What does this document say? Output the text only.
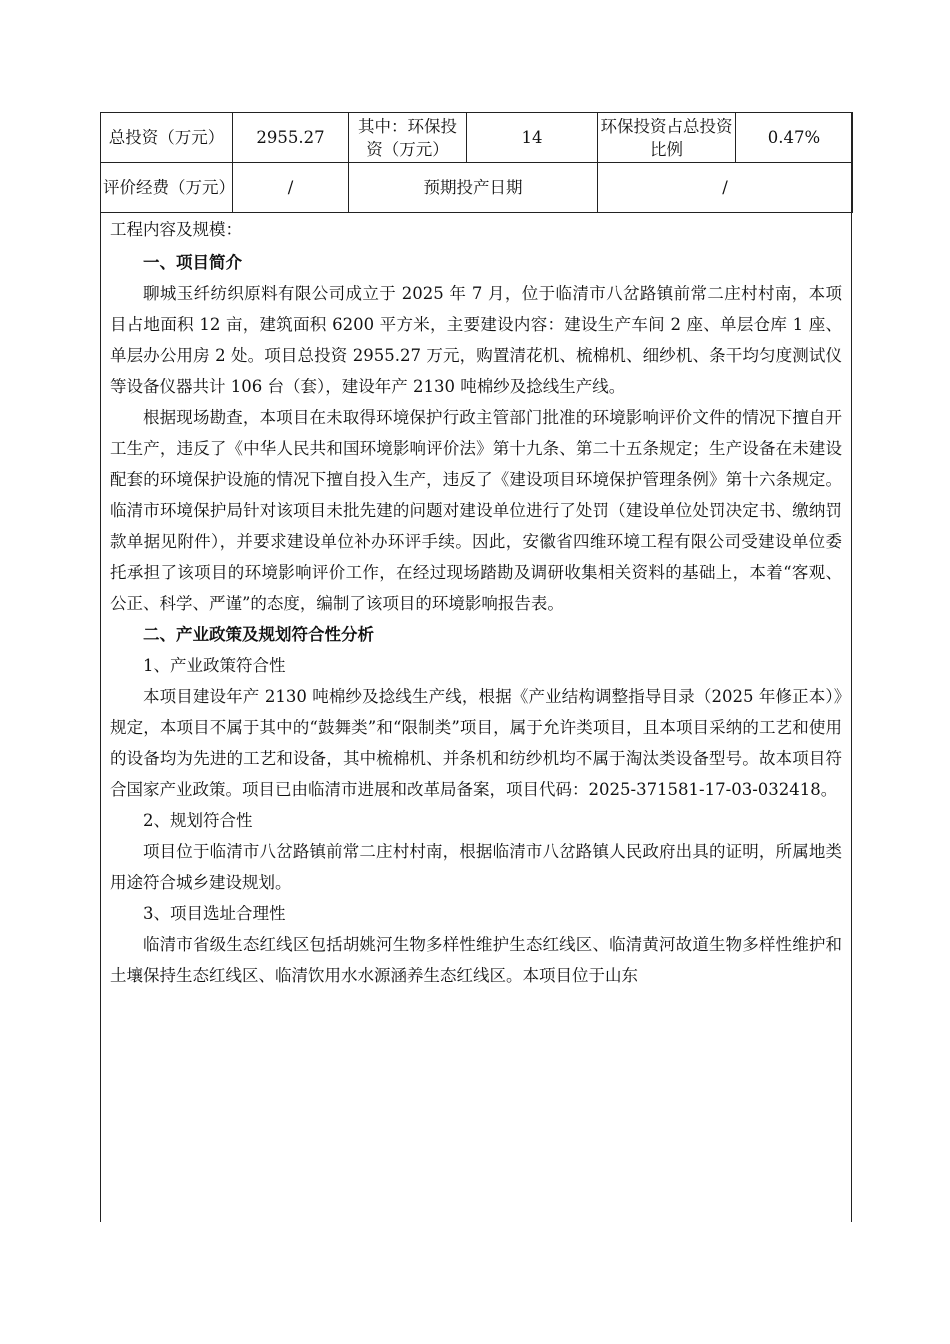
总投资（万元）	2955.27	其中：环保投资（万元）	14	环保投资占总投资比例	0.47%
评价经费（万元）	/	预期投产日期		/	
工程内容及规模：

一、项目简介

聊城玉纤纺织原料有限公司成立于 2025 年 7 月，位于临清市八岔路镇前常二庄村村南，本项目占地面积 12 亩，建筑面积 6200 平方米，主要建设内容：建设生产车间 2 座、单层仓库 1 座、单层办公用房 2 处。项目总投资 2955.27 万元，购置清花机、梳棉机、细纱机、条干均匀度测试仪等设备仪器共计 106 台（套），建设年产 2130 吨棉纱及捻线生产线。

根据现场勘查，本项目在未取得环境保护行政主管部门批准的环境影响评价文件的情况下擅自开工生产，违反了《中华人民共和国环境影响评价法》第十九条、第二十五条规定；生产设备在未建设配套的环境保护设施的情况下擅自投入生产，违反了《建设项目环境保护管理条例》第十六条规定。临清市环境保护局针对该项目未批先建的问题对建设单位进行了处罚（建设单位处罚决定书、缴纳罚款单据见附件），并要求建设单位补办环评手续。因此，安徽省四维环境工程有限公司受建设单位委托承担了该项目的环境影响评价工作，在经过现场踏勘及调研收集相关资料的基础上，本着“客观、公正、科学、严谨”的态度，编制了该项目的环境影响报告表。

二、产业政策及规划符合性分析

1、产业政策符合性

本项目建设年产 2130 吨棉纱及捻线生产线，根据《产业结构调整指导目录（2025 年修正本）》规定，本项目不属于其中的“鼓舞类”和“限制类”项目，属于允许类项目，且本项目采纳的工艺和使用的设备均为先进的工艺和设备，其中梳棉机、并条机和纺纱机均不属于淘汰类设备型号。故本项目符合国家产业政策。项目已由临清市进展和改革局备案，项目代码：2025-371581-17-03-032418。

2、规划符合性

项目位于临清市八岔路镇前常二庄村村南，根据临清市八岔路镇人民政府出具的证明，所属地类用途符合城乡建设规划。

3、项目选址合理性

临清市省级生态红线区包括胡姚河生物多样性维护生态红线区、临清黄河故道生物多样性维护和土壤保持生态红线区、临清饮用水水源涵养生态红线区。本项目位于山东
